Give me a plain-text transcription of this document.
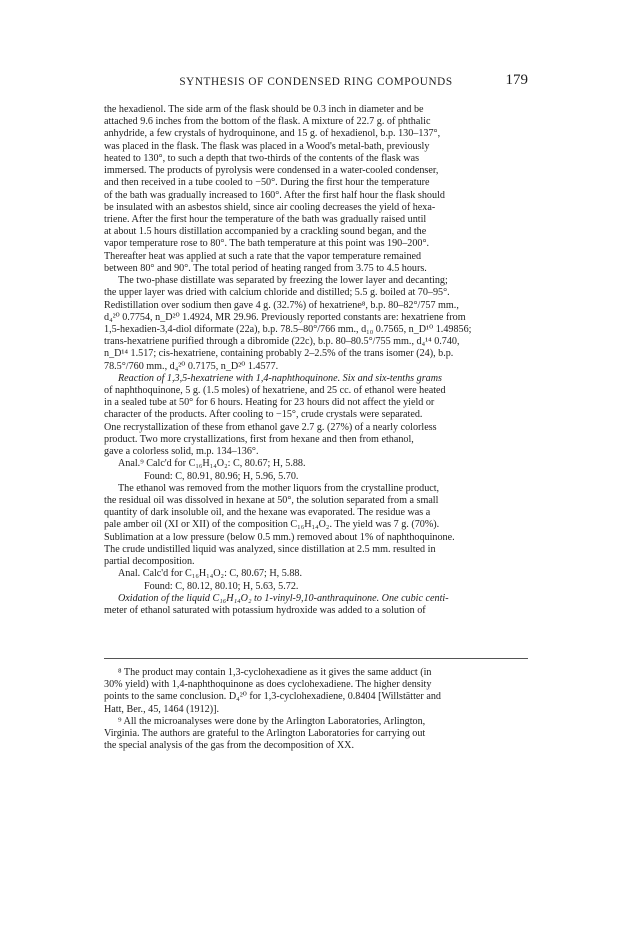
SYNTHESIS OF CONDENSED RING COMPOUNDS	179

the hexadienol. The side arm of the flask should be 0.3 inch in diameter and be

attached 9.6 inches from the bottom of the flask. A mixture of 22.7 g. of phthalic

anhydride, a few crystals of hydroquinone, and 15 g. of hexadienol, b.p. 130–137°,

was placed in the flask. The flask was placed in a Wood's metal-bath, previously

heated to 130°, to such a depth that two-thirds of the contents of the flask was

immersed. The products of pyrolysis were condensed in a water-cooled condenser,

and then received in a tube cooled to −50°. During the first hour the temperature

of the bath was gradually increased to 160°. After the first half hour the flask should

be insulated with an asbestos shield, since air cooling decreases the yield of hexa-

triene. After the first hour the temperature of the bath was gradually raised until

at about 1.5 hours distillation accompanied by a crackling sound began, and the

vapor temperature rose to 80°. The bath temperature at this point was 190–200°.

Thereafter heat was applied at such a rate that the vapor temperature remained

between 80° and 90°. The total period of heating ranged from 3.75 to 4.5 hours.

The two-phase distillate was separated by freezing the lower layer and decanting;

the upper layer was dried with calcium chloride and distilled; 5.5 g. boiled at 70–95°.

Redistillation over sodium then gave 4 g. (32.7%) of hexatriene⁸, b.p. 80–82°/757 mm.,

d₄²⁰ 0.7754, n_D²⁰ 1.4924, MR 29.96. Previously reported constants are: hexatriene from

1,5-hexadien-3,4-diol diformate (22a), b.p. 78.5–80°/766 mm., d₁₀ 0.7565, n_D¹⁰ 1.49856;

trans-hexatriene purified through a dibromide (22c), b.p. 80–80.5°/755 mm., d₄¹⁴ 0.740,

n_D¹⁴ 1.517; cis-hexatriene, containing probably 2–2.5% of the trans isomer (24), b.p.

78.5°/760 mm., d₄²⁰ 0.7175, n_D²⁰ 1.4577.

Reaction of 1,3,5-hexatriene with 1,4-naphthoquinone. Six and six-tenths grams

of naphthoquinone, 5 g. (1.5 moles) of hexatriene, and 25 cc. of ethanol were heated

in a sealed tube at 50° for 6 hours. Heating for 23 hours did not affect the yield or

character of the products. After cooling to −15°, crude crystals were separated.

One recrystallization of these from ethanol gave 2.7 g. (27%) of a nearly colorless

product. Two more crystallizations, first from hexane and then from ethanol,

gave a colorless solid, m.p. 134–136°.

Anal.⁹ Calc'd for C₁₆H₁₄O₂: C, 80.67; H, 5.88.

Found: C, 80.91, 80.96; H, 5.96, 5.70.

The ethanol was removed from the mother liquors from the crystalline product,

the residual oil was dissolved in hexane at 50°, the solution separated from a small

quantity of dark insoluble oil, and the hexane was evaporated. The residue was a

pale amber oil (XI or XII) of the composition C₁₆H₁₄O₂. The yield was 7 g. (70%).

Sublimation at a low pressure (below 0.5 mm.) removed about 1% of naphthoquinone.

The crude undistilled liquid was analyzed, since distillation at 2.5 mm. resulted in

partial decomposition.

Anal. Calc'd for C₁₆H₁₄O₂: C, 80.67; H, 5.88.

Found: C, 80.12, 80.10; H, 5.63, 5.72.

Oxidation of the liquid C₁₆H₁₄O₂ to 1-vinyl-9,10-anthraquinone. One cubic centi-

meter of ethanol saturated with potassium hydroxide was added to a solution of

⁸ The product may contain 1,3-cyclohexadiene as it gives the same adduct (in

30% yield) with 1,4-naphthoquinone as does cyclohexadiene. The higher density

points to the same conclusion. D₄²⁰ for 1,3-cyclohexadiene, 0.8404 [Willstätter and

Hatt, Ber., 45, 1464 (1912)].

⁹ All the microanalyses were done by the Arlington Laboratories, Arlington,

Virginia. The authors are grateful to the Arlington Laboratories for carrying out

the special analysis of the gas from the decomposition of XX.
